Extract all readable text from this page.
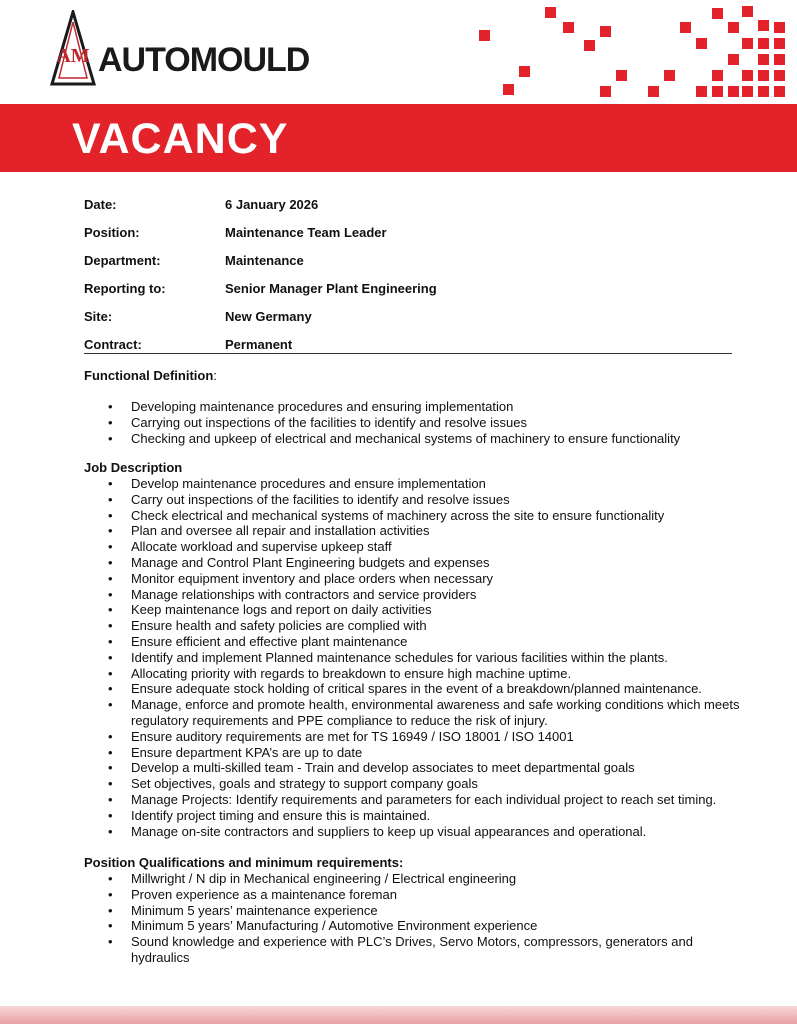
AM AUTOMOULD
VACANCY
Date:	6 January 2026
Position:	Maintenance Team Leader
Department:	Maintenance
Reporting to:	Senior Manager Plant Engineering
Site:	New Germany
Contract:	Permanent
Functional Definition:
• Developing maintenance procedures and ensuring implementation
• Carrying out inspections of the facilities to identify and resolve issues
• Checking and upkeep of electrical and mechanical systems of machinery to ensure functionality
Job Description
• Develop maintenance procedures and ensure implementation
• Carry out inspections of the facilities to identify and resolve issues
• Check electrical and mechanical systems of machinery across the site to ensure functionality
• Plan and oversee all repair and installation activities
• Allocate workload and supervise upkeep staff
• Manage and Control Plant Engineering budgets and expenses
• Monitor equipment inventory and place orders when necessary
• Manage relationships with contractors and service providers
• Keep maintenance logs and report on daily activities
• Ensure health and safety policies are complied with
• Ensure efficient and effective plant maintenance
• Identify and implement Planned maintenance schedules for various facilities within the plants.
• Allocating priority with regards to breakdown to ensure high machine uptime.
• Ensure adequate stock holding of critical spares in the event of a breakdown/planned maintenance.
• Manage, enforce and promote health, environmental awareness and safe working conditions which meets regulatory requirements and PPE compliance to reduce the risk of injury.
• Ensure auditory requirements are met for TS 16949 / ISO 18001 / ISO 14001
• Ensure department KPA’s are up to date
• Develop a multi-skilled team - Train and develop associates to meet departmental goals
• Set objectives, goals and strategy to support company goals
• Manage Projects: Identify requirements and parameters for each individual project to reach set timing.
• Identify project timing and ensure this is maintained.
• Manage on-site contractors and suppliers to keep up visual appearances and operational.
Position Qualifications and minimum requirements:
• Millwright / N dip in Mechanical engineering / Electrical engineering
• Proven experience as a maintenance foreman
• Minimum 5 years’ maintenance experience
• Minimum 5 years’ Manufacturing / Automotive Environment experience
• Sound knowledge and experience with PLC’s Drives, Servo Motors, compressors, generators and hydraulics
